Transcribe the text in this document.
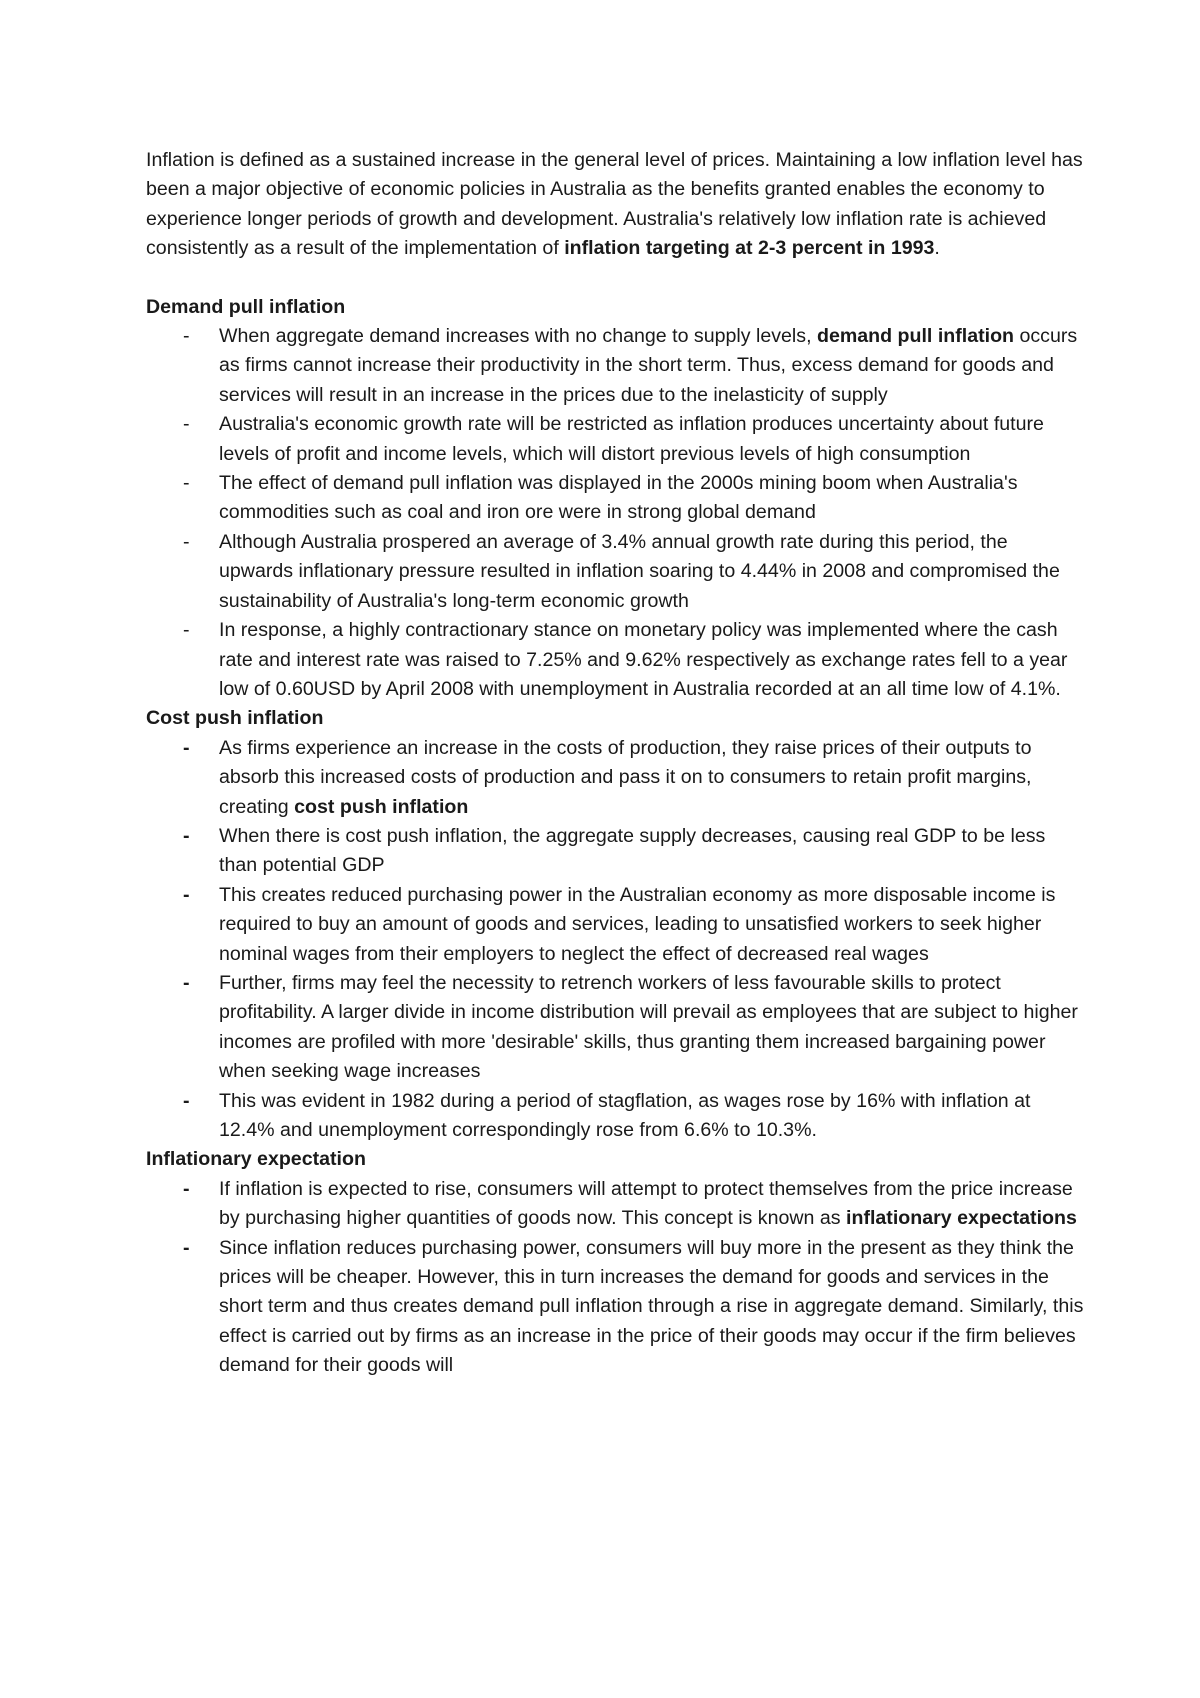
Inflation is defined as a sustained increase in the general level of prices. Maintaining a low inflation level has been a major objective of economic policies in Australia as the benefits granted enables the economy to experience longer periods of growth and development. Australia's relatively low inflation rate is achieved consistently as a result of the implementation of inflation targeting at 2-3 percent in 1993.

Demand pull inflation
- When aggregate demand increases with no change to supply levels, demand pull inflation occurs as firms cannot increase their productivity in the short term. Thus, excess demand for goods and services will result in an increase in the prices due to the inelasticity of supply
- Australia's economic growth rate will be restricted as inflation produces uncertainty about future levels of profit and income levels, which will distort previous levels of high consumption
- The effect of demand pull inflation was displayed in the 2000s mining boom when Australia's commodities such as coal and iron ore were in strong global demand
- Although Australia prospered an average of 3.4% annual growth rate during this period, the upwards inflationary pressure resulted in inflation soaring to 4.44% in 2008 and compromised the sustainability of Australia's long-term economic growth
- In response, a highly contractionary stance on monetary policy was implemented where the cash rate and interest rate was raised to 7.25% and 9.62% respectively as exchange rates fell to a year low of 0.60USD by April 2008 with unemployment in Australia recorded at an all time low of 4.1%.
Cost push inflation
- As firms experience an increase in the costs of production, they raise prices of their outputs to absorb this increased costs of production and pass it on to consumers to retain profit margins, creating cost push inflation
- When there is cost push inflation, the aggregate supply decreases, causing real GDP to be less than potential GDP
- This creates reduced purchasing power in the Australian economy as more disposable income is required to buy an amount of goods and services, leading to unsatisfied workers to seek higher nominal wages from their employers to neglect the effect of decreased real wages
- Further, firms may feel the necessity to retrench workers of less favourable skills to protect profitability. A larger divide in income distribution will prevail as employees that are subject to higher incomes are profiled with more 'desirable' skills, thus granting them increased bargaining power when seeking wage increases
- This was evident in 1982 during a period of stagflation, as wages rose by 16% with inflation at 12.4% and unemployment correspondingly rose from 6.6% to 10.3%.
Inflationary expectation
- If inflation is expected to rise, consumers will attempt to protect themselves from the price increase by purchasing higher quantities of goods now. This concept is known as inflationary expectations
- Since inflation reduces purchasing power, consumers will buy more in the present as they think the prices will be cheaper. However, this in turn increases the demand for goods and services in the short term and thus creates demand pull inflation through a rise in aggregate demand. Similarly, this effect is carried out by firms as an increase in the price of their goods may occur if the firm believes demand for their goods will
